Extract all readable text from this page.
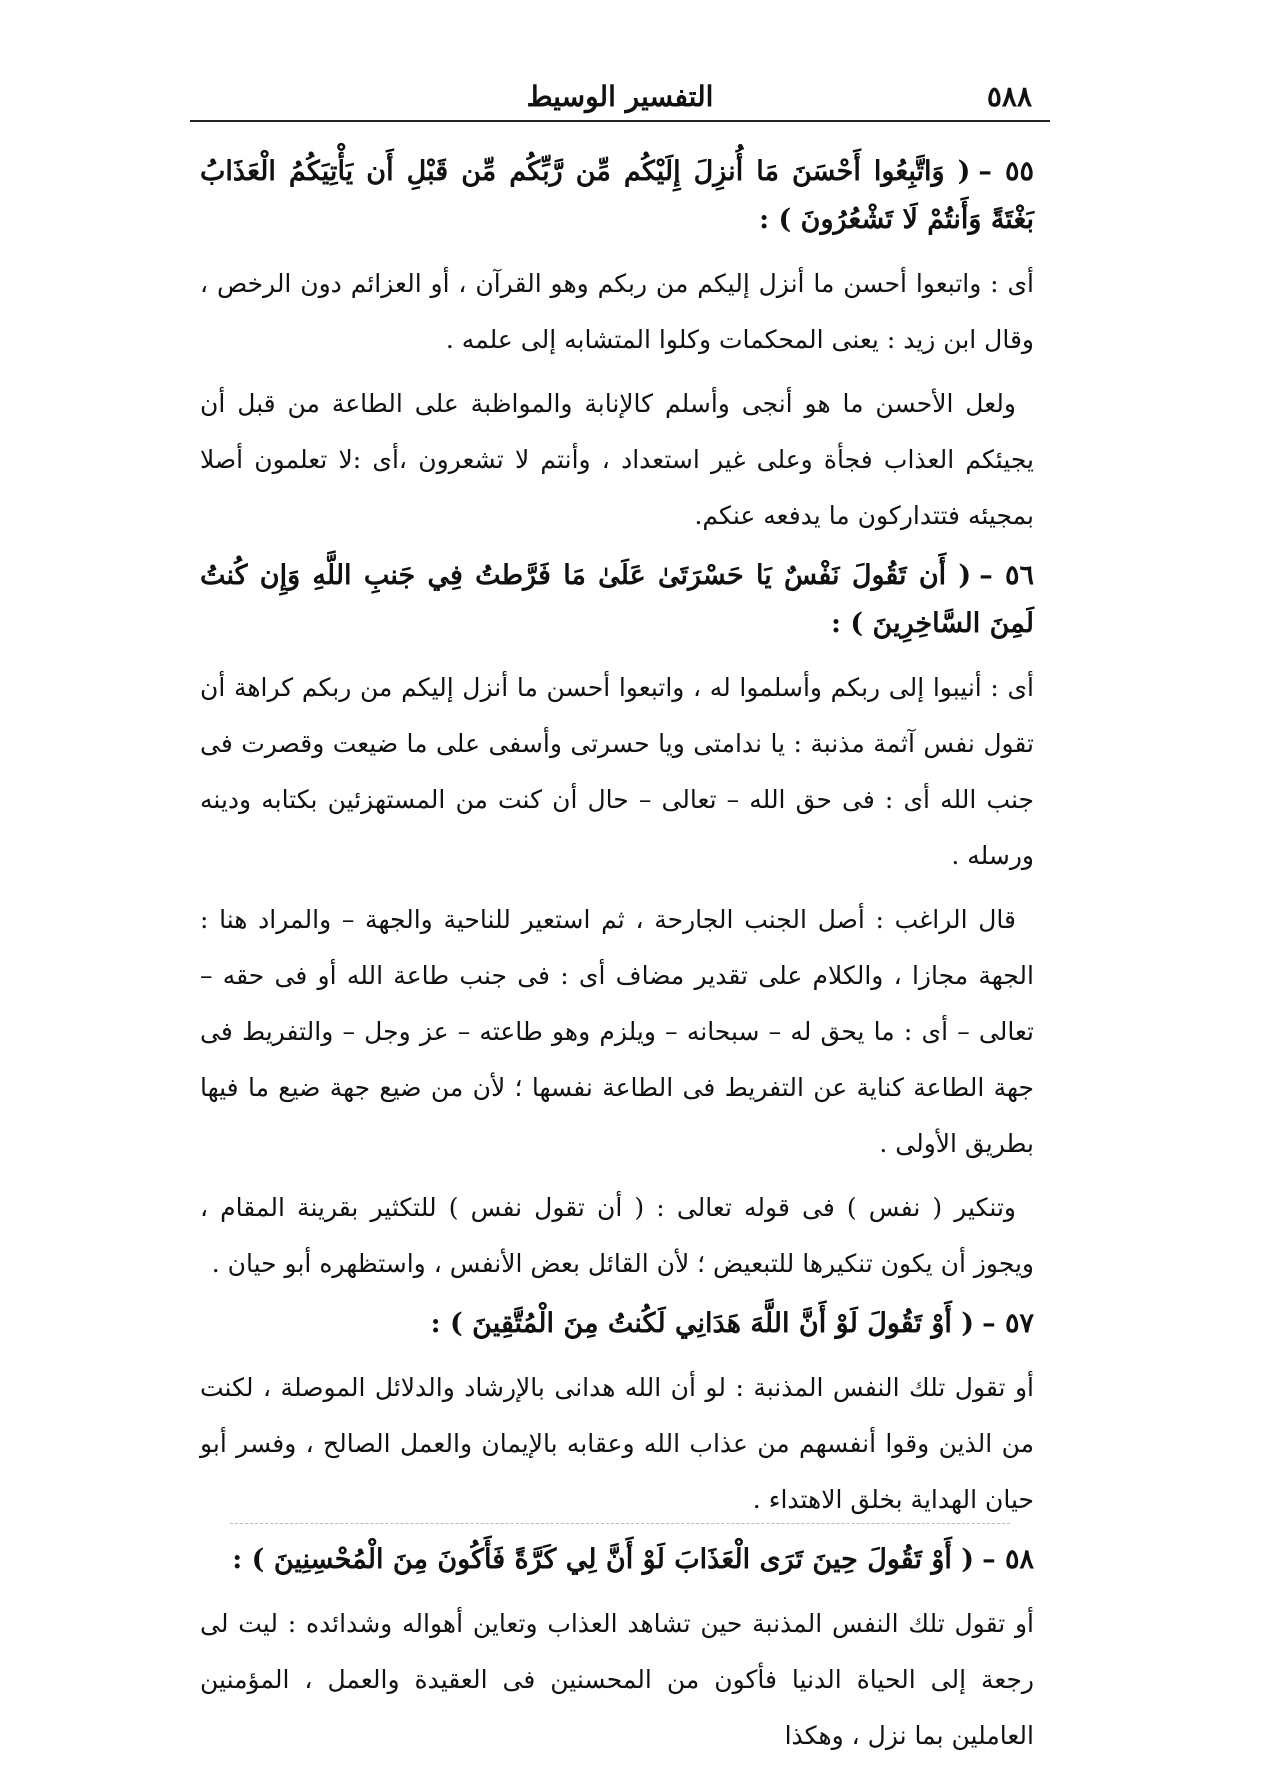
٥٨٨
التفسير الوسيط

٥٥ –( وَاتَّبِعُوا أَحْسَنَ مَا أُنزِلَ إِلَيْكُم مِّن رَّبِّكُم مِّن قَبْلِ أَن يَأْتِيَكُمُ الْعَذَابُ بَغْتَةً وَأَنتُمْ لَا تَشْعُرُونَ ) :

أى : واتبعوا أحسن ما أنزل إليكم من ربكم وهو القرآن ، أو العزائم دون الرخص ، وقال ابن زيد : يعنى المحكمات وكلوا المتشابه إلى علمه .

ولعل الأحسن ما هو أنجى وأسلم كالإنابة والمواظبة على الطاعة من قبل أن يجيئكم العذاب فجأة وعلى غير استعداد ، وأنتم لا تشعرون ،أى :لا تعلمون أصلا بمجيئه فتتداركون ما يدفعه عنكم.

٥٦ –( أَن تَقُولَ نَفْسٌ يَا حَسْرَتَىٰ عَلَىٰ مَا فَرَّطتُ فِي جَنبِ اللَّهِ وَإِن كُنتُ لَمِنَ السَّاخِرِينَ ) :

أى : أنيبوا إلى ربكم وأسلموا له ، واتبعوا أحسن ما أنزل إليكم من ربكم كراهة أن تقول نفس آثمة مذنبة : يا ندامتى ويا حسرتى وأسفى على ما ضيعت وقصرت فى جنب الله أى : فى حق الله – تعالى – حال أن كنت من المستهزئين بكتابه ودينه ورسله .

قال الراغب : أصل الجنب الجارحة ، ثم استعير للناحية والجهة – والمراد هنا : الجهة مجازا ، والكلام على تقدير مضاف أى : فى جنب طاعة الله أو فى حقه – تعالى – أى : ما يحق له – سبحانه – ويلزم وهو طاعته – عز وجل – والتفريط فى جهة الطاعة كناية عن التفريط فى الطاعة نفسها ؛ لأن من ضيع جهة ضيع ما فيها بطريق الأولى .

وتنكير ( نفس ) فى قوله تعالى : ( أن تقول نفس ) للتكثير بقرينة المقام ، ويجوز أن يكون تنكيرها للتبعيض ؛ لأن القائل بعض الأنفس ، واستظهره أبو حيان .

٥٧ –( أَوْ تَقُولَ لَوْ أَنَّ اللَّهَ هَدَانِي لَكُنتُ مِنَ الْمُتَّقِينَ ) :

أو تقول تلك النفس المذنبة : لو أن الله هدانى بالإرشاد والدلائل الموصلة ، لكنت من الذين وقوا أنفسهم من عذاب الله وعقابه بالإيمان والعمل الصالح ، وفسر أبو حيان الهداية بخلق الاهتداء .

٥٨ –( أَوْ تَقُولَ حِينَ تَرَى الْعَذَابَ لَوْ أَنَّ لِي كَرَّةً فَأَكُونَ مِنَ الْمُحْسِنِينَ ) :

أو تقول تلك النفس المذنبة حين تشاهد العذاب وتعاين أهواله وشدائده : ليت لى رجعة إلى الحياة الدنيا فأكون من المحسنين فى العقيدة والعمل ، المؤمنين العاملين بما نزل ، وهكذا
